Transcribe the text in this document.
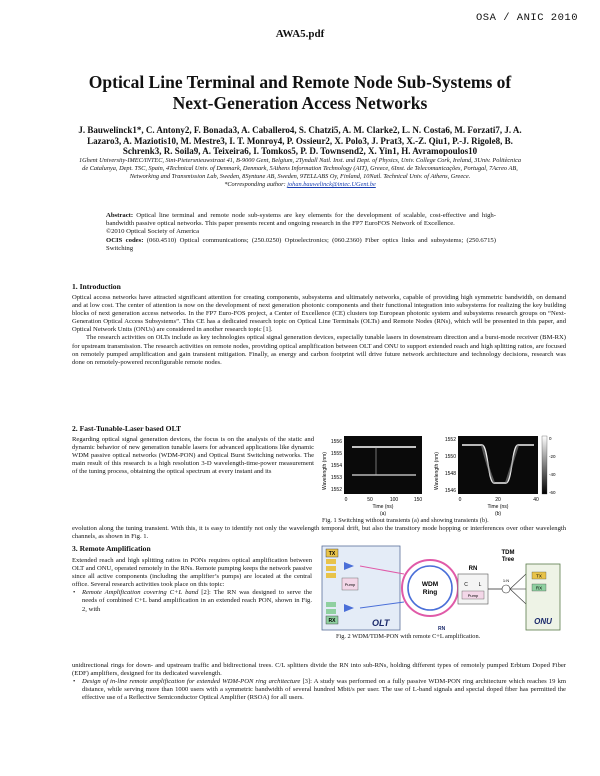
OSA / ANIC 2010
AWA5.pdf
Optical Line Terminal and Remote Node Sub-Systems of
Next-Generation Access Networks
J. Bauwelinck1*, C. Antony2, F. Bonada3, A. Caballero4, S. Chatzi5, A. M. Clarke2, L. N. Costa6, M. Forzati7, J. A. Lazaro3, A. Maziotis10, M. Mestre3, I. T. Monroy4, P. Ossieur2, X. Polo3, J. Prat3, X.-Z. Qiu1, P.-J. Rigole8, B. Schrenk3, R. Soila9, A. Teixeira6, I. Tomkos5, P. D. Townsend2, X. Yin1, H. Avramopoulos10
1Ghent University-IMEC/INTEC, Sint-Pietersnieuwstraat 41, B-9000 Gent, Belgium, 2Tyndall Natl. Inst. and Dept. of Physics, Univ. College Cork, Ireland, 3Univ. Politècnica de Catalunya, Dept. TSC, Spain, 4Technical Univ. of Denmark, Denmark, 5Athens Information Technology (AIT), Greece, 6Inst. de Telecomunicações, Portugal, 7Acreo AB, Networking and Transmission Lab, Sweden, 8Syntune AB, Sweden, 9TELLABS Oy, Finland, 10Natl. Technical Univ. of Athens, Greece.
*Corresponding author: johan.bauwelinck@intec.UGent.be
Abstract: Optical line terminal and remote node sub-systems are key elements for the development of scalable, cost-effective and high-bandwidth passive optical networks. This paper presents recent and ongoing research in the FP7 EuroFOS Network of Excellence.
©2010 Optical Society of America
OCIS codes: (060.4510) Optical communications; (250.0250) Optoelectronics; (060.2360) Fiber optics links and subsystems; (250.6715) Switching
1. Introduction

Optical access networks have attracted significant attention for creating components, subsystems and ultimately networks, capable of providing high symmetric bandwidth, on demand and at low cost. The center of attention is now on the development of next generation photonic components and their functional integration into subsystems for realizing the key building blocks of next generation access networks. In the FP7 Euro-FOS project, a Center of Excellence (CE) clusters top European photonic system and subsystems research groups on “Next-Generation Optical Access Subsystems”. This CE has a dedicated research topic on Optical Line Terminals (OLTs) and Remote Nodes (RNs), which will be presented in this paper, and Optical Network Units (ONUs) are considered in another research topic [1].

The research activities on OLTs include as key technologies optical signal generation devices, especially tunable lasers in downstream direction and a burst-mode receiver (BM-RX) for upstream transmission. The research activities on remote nodes, providing optical amplification between OLT and ONU to support extended reach and high splitting ratios, are focused on remotely pumped amplification and gain transient mitigation. Finally, as energy and carbon footprint will drive future network architecture and technology decisions, research was done on remotely-powered reconfigurable remote nodes.

2. Fast-Tunable-Laser based OLT
Regarding optical signal generation devices, the focus is on the analysis of the static and dynamic behavior of new generation tunable lasers for advanced applications like dynamic WDM passive optical networks (WDM-PON) and Optical Burst Switching networks. The main result of this research is a high resolution 3-D wavelength-time-power measurement of the tuning process, obtaining the optical spectrum at every instant and its
evolution along the tuning transient. With this, it is easy to identify not only the wavelength temporal drift, but also the transitory mode hopping or interferences over other wavelength channels, as shown in Fig. 1.
Wavelength (nm)
1556
1555
1554
1553
1552
0	50	100	150
Time (ns)
(a)
Wavelength (nm)
1552
1550
1548
1546
0	20	40
Time (ns)
(b)
0
-20
-40
-60
Fig. 1 Switching without transients (a) and showing transients (b).
3. Remote Amplification

Extended reach and high splitting ratios in PONs requires optical amplification between OLT and ONU, operated remotely in the RNs. Remote pumping keeps the network passive since all active components (including the amplifier’s pumps) are located at the central office. Several research activities took place on this topic:

• Remote Amplification covering C+L band [2]: The RN was designed to serve the needs of combined C+L band amplification in an extended reach PON, shown in Fig. 2, with
TX
Pump
RX	OLT
WDM
Ring
RN
C L
Pump
TDM
Tree
1:N
TX
RX
ONU
RN
Fig. 2 WDM/TDM-PON with remote C+L amplification.
unidirectional rings for down- and upstream traffic and bidirectional trees. C/L splitters divide the RN into sub-RNs, holding different types of remotely pumped Erbium Doped Fiber (EDF) amplifiers, designed for its dedicated wavelength.
• Design of in-line remote amplification for extended WDM-PON ring architecture [3]: A study was performed on a fully passive WDM-PON ring architecture which reaches 19 km distance, while serving more than 1000 users with a symmetric bandwidth of several hundred Mbit/s per user. The use of L-band signals and special doped fiber has permitted the effective use of a Reflective Semiconductor Optical Amplifier (RSOA) for all users.
